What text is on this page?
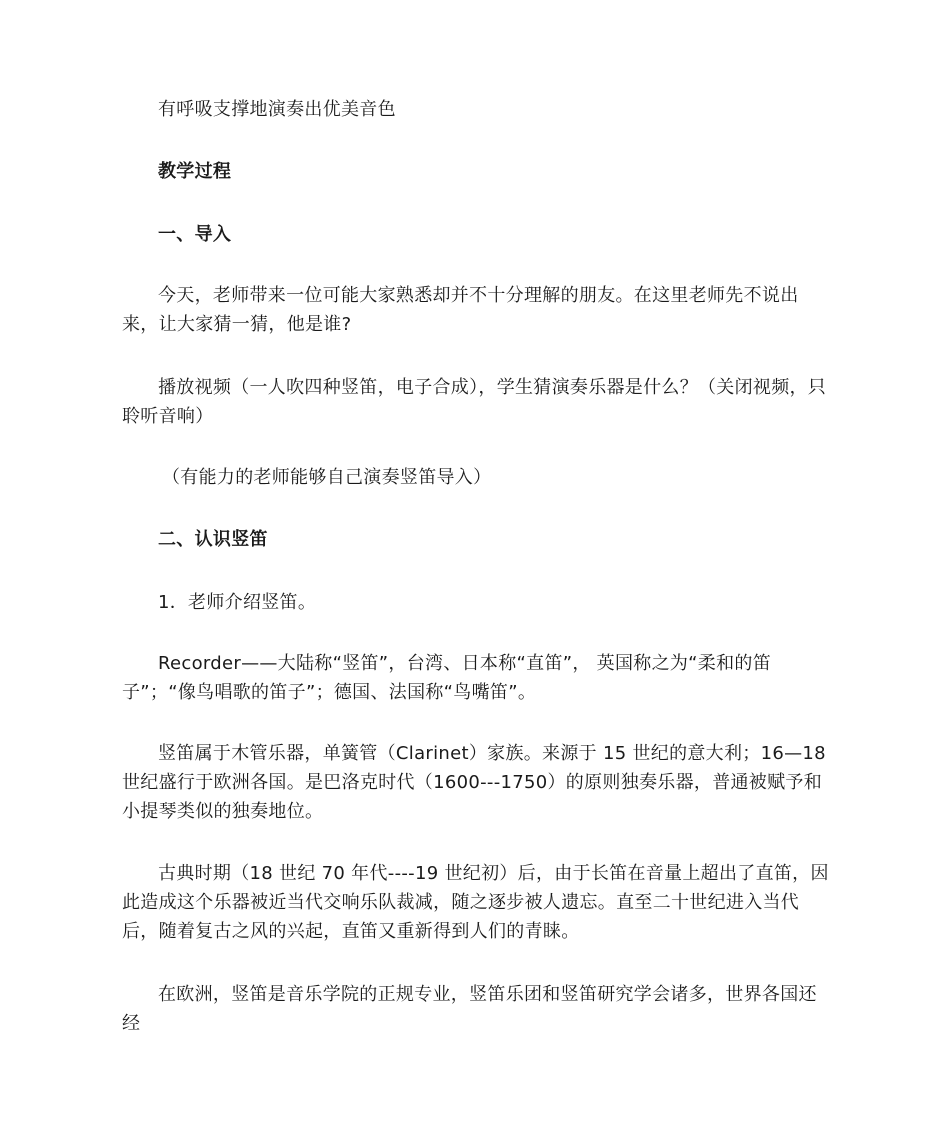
有呼吸支撑地演奏出优美音色

教学过程

一、导入

今天，老师带来一位可能大家熟悉却并不十分理解的朋友。在这里老师先不说出来，让大家猜一猜，他是谁?

播放视频（一人吹四种竖笛，电子合成），学生猜演奏乐器是什么？（关闭视频，只聆听音响）

（有能力的老师能够自己演奏竖笛导入）

二、认识竖笛

1．老师介绍竖笛。

Recorder——大陆称“竖笛”，台湾、日本称“直笛”， 英国称之为“柔和的笛子”；“像鸟唱歌的笛子”；德国、法国称“鸟嘴笛”。

竖笛属于木管乐器，单簧管（Clarinet）家族。来源于 15 世纪的意大利；16—18 世纪盛行于欧洲各国。是巴洛克时代（1600---1750）的原则独奏乐器，普通被赋予和小提琴类似的独奏地位。

古典时期（18 世纪 70 年代----19 世纪初）后，由于长笛在音量上超出了直笛，因此造成这个乐器被近当代交响乐队裁减，随之逐步被人遗忘。直至二十世纪进入当代后，随着复古之风的兴起，直笛又重新得到人们的青睐。

在欧洲，竖笛是音乐学院的正规专业，竖笛乐团和竖笛研究学会诸多，世界各国还经
